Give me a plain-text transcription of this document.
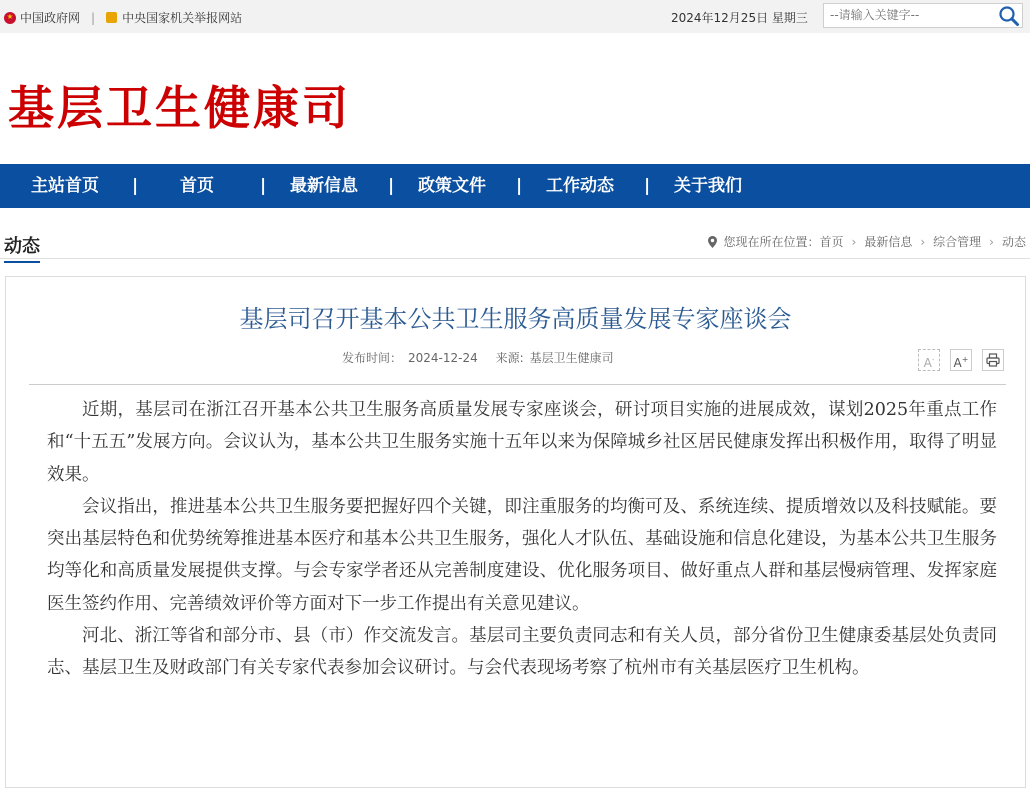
中国政府网 | 中央国家机关举报网站	2024年12月25日 星期三
--请输入关键字--
基层卫生健康司
主站首页 | 首页	| 最新信息 | 政策文件 | 工作动态 | 关于我们
动态	您现在所在位置： 首页 › 最新信息 › 综合管理 › 动态
基层司召开基本公共卫生服务高质量发展专家座谈会
发布时间： 2024-12-24 来源: 基层卫生健康司	A-	A+

近期，基层司在浙江召开基本公共卫生服务高质量发展专家座谈会，研讨项目实施的进展成效，谋划2025年重点工作和“十五五”发展方向。会议认为，基本公共卫生服务实施十五年以来为保障城乡社区居民健康发挥出积极作用，取得了明显效果。

会议指出，推进基本公共卫生服务要把握好四个关键，即注重服务的均衡可及、系统连续、提质增效以及科技赋能。要突出基层特色和优势统筹推进基本医疗和基本公共卫生服务，强化人才队伍、基础设施和信息化建设，为基本公共卫生服务均等化和高质量发展提供支撑。与会专家学者还从完善制度建设、优化服务项目、做好重点人群和基层慢病管理、发挥家庭医生签约作用、完善绩效评价等方面对下一步工作提出有关意见建议。

河北、浙江等省和部分市、县（市）作交流发言。基层司主要负责同志和有关人员，部分省份卫生健康委基层处负责同志、基层卫生及财政部门有关专家代表参加会议研讨。与会代表现场考察了杭州市有关基层医疗卫生机构。
